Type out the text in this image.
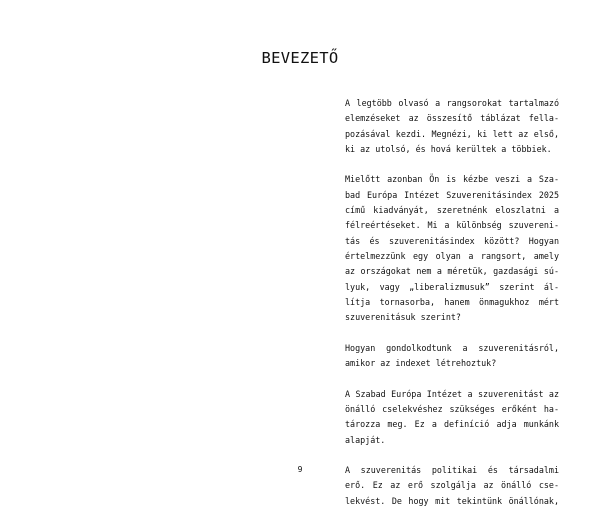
BEVEZETŐ

A legtöbb olvasó a rangsorokat tartalmazó
elemzéseket az összesítő táblázat fella-
pozásával kezdi. Megnézi, ki lett az első,
ki az utolsó, és hová kerültek a többiek.

Mielőtt azonban Ön is kézbe veszi a Sza-
bad Európa Intézet Szuverenitásindex 2025
című kiadványát, szeretnénk eloszlatni a
félreértéseket. Mi a különbség szuvereni-
tás és szuverenitásindex között? Hogyan
értelmezzünk egy olyan a rangsort, amely
az országokat nem a méretük, gazdasági sú-
lyuk, vagy „liberalizmusuk” szerint ál-
lítja tornasorba, hanem önmagukhoz mért
szuverenitásuk szerint?

Hogyan gondolkodtunk a szuverenitásról,
amikor az indexet létrehoztuk?

A Szabad Európa Intézet a szuverenitást az
önálló cselekvéshez szükséges erőként ha-
tározza meg. Ez a definíció adja munkánk
alapját.

A szuverenitás politikai és társadalmi
erő. Ez az erő szolgálja az önálló cse-
lekvést. De hogy mit tekintünk önállónak,

9
